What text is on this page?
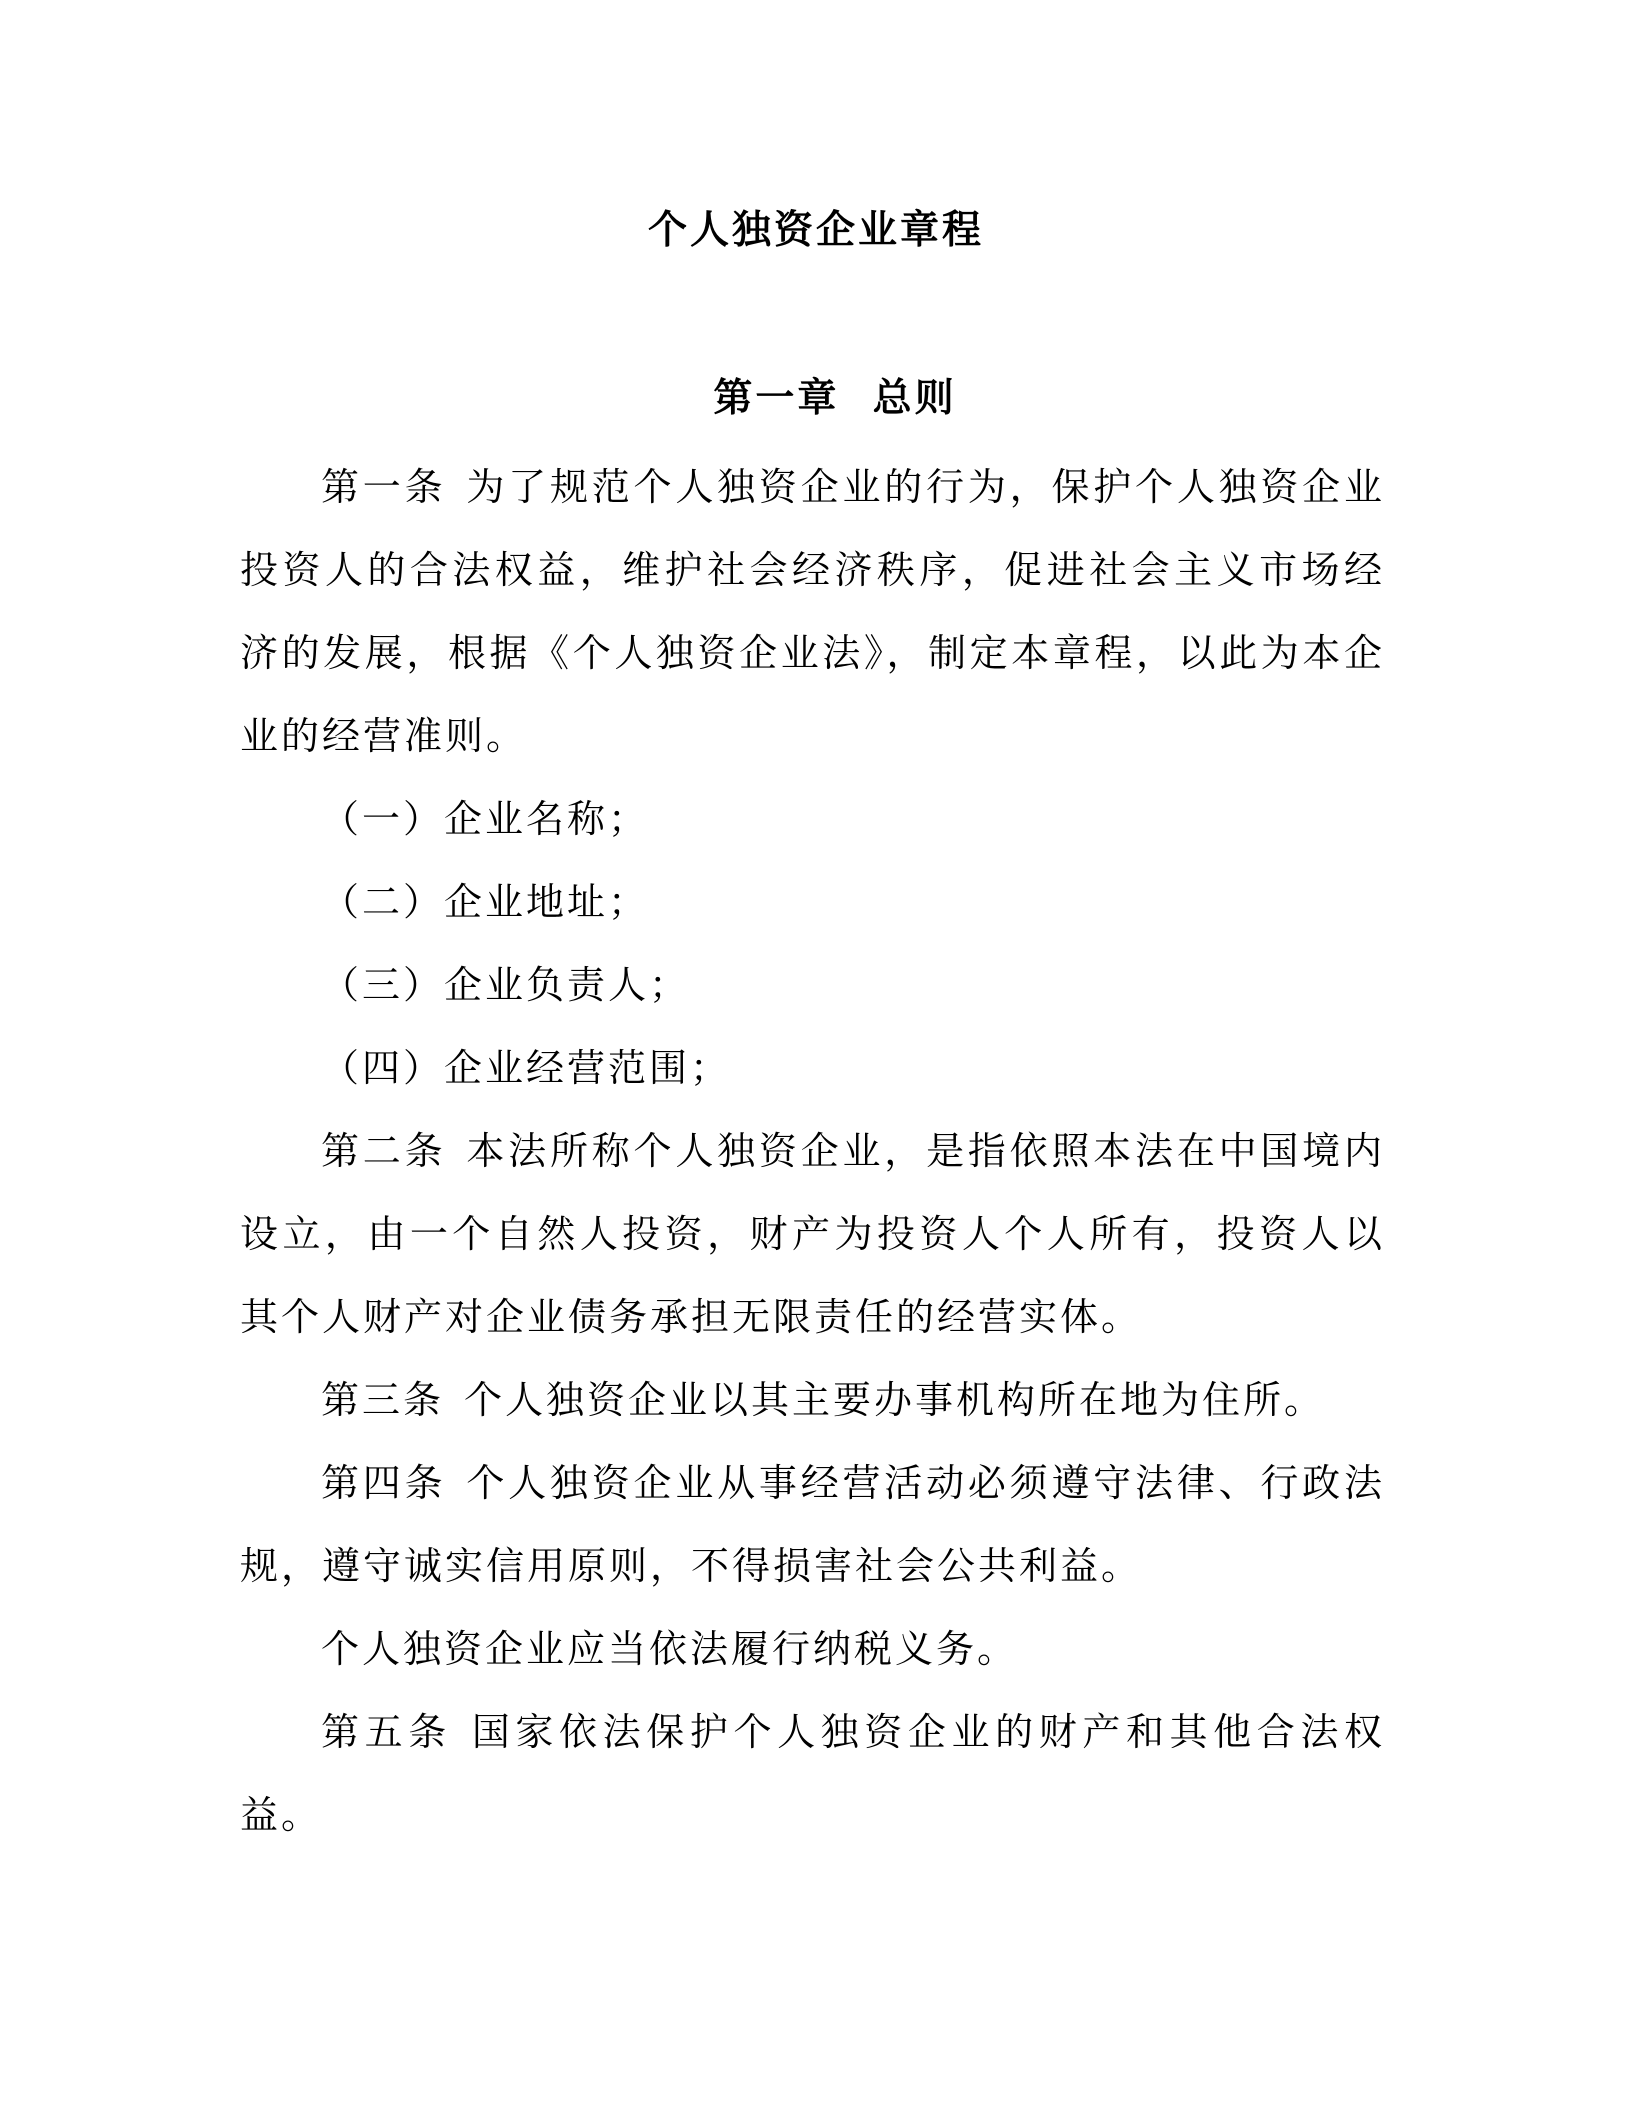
个人独资企业章程
第一章  总则

第一条 为了规范个人独资企业的行为，保护个人独资企业投资人的合法权益，维护社会经济秩序，促进社会主义市场经济的发展，根据《个人独资企业法》，制定本章程，以此为本企业的经营准则。

（一）企业名称；

（二）企业地址；

（三）企业负责人；

（四）企业经营范围；

第二条 本法所称个人独资企业，是指依照本法在中国境内设立，由一个自然人投资，财产为投资人个人所有，投资人以其个人财产对企业债务承担无限责任的经营实体。

第三条 个人独资企业以其主要办事机构所在地为住所。

第四条 个人独资企业从事经营活动必须遵守法律、行政法规，遵守诚实信用原则，不得损害社会公共利益。

个人独资企业应当依法履行纳税义务。

第五条 国家依法保护个人独资企业的财产和其他合法权益。
